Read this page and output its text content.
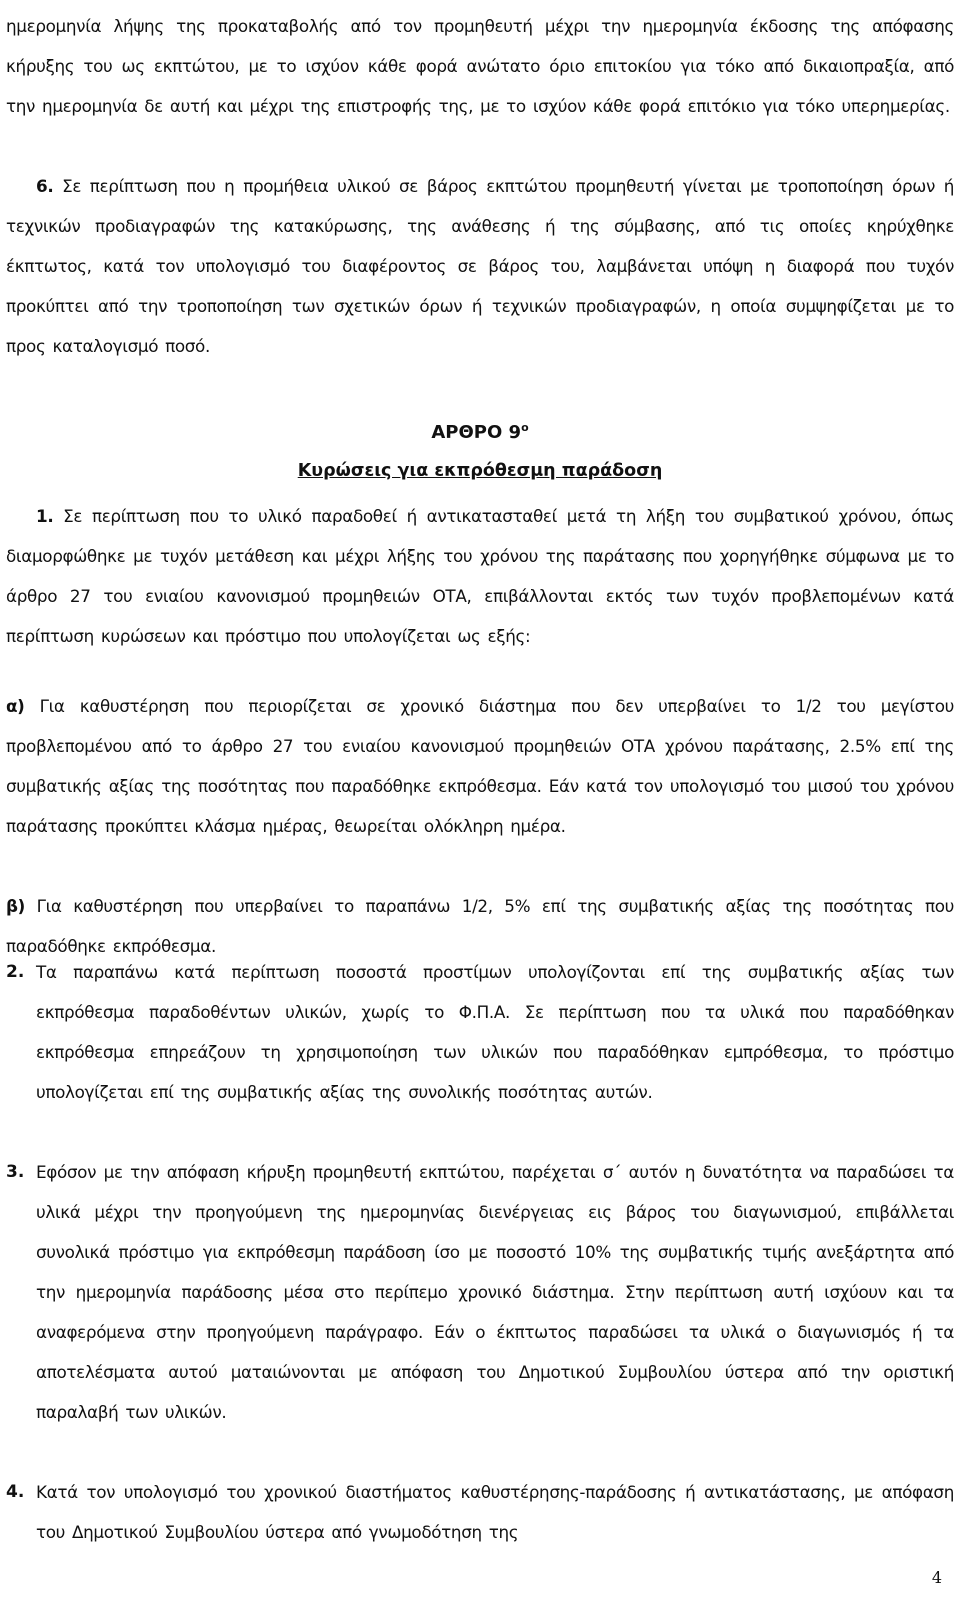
ημερομηνία λήψης της προκαταβολής από τον προμηθευτή μέχρι την ημερομηνία έκδοσης της απόφασης κήρυξης του ως εκπτώτου, με το ισχύον κάθε φορά ανώτατο όριο επιτοκίου για τόκο από δικαιοπραξία, από την ημερομηνία δε αυτή και μέχρι της επιστροφής της, με το ισχύον κάθε φορά επιτόκιο για τόκο υπερημερίας.
6. Σε περίπτωση που η προμήθεια υλικού σε βάρος εκπτώτου προμηθευτή γίνεται με τροποποίηση όρων ή τεχνικών προδιαγραφών της κατακύρωσης, της ανάθεσης ή της σύμβασης, από τις οποίες κηρύχθηκε έκπτωτος, κατά τον υπολογισμό του διαφέροντος σε βάρος του, λαμβάνεται υπόψη η διαφορά που τυχόν προκύπτει από την τροποποίηση των σχετικών όρων ή τεχνικών προδιαγραφών, η οποία συμψηφίζεται με το προς καταλογισμό ποσό.
ΑΡΘΡΟ $9^o$
Κυρώσεις για εκπρόθεσμη παράδοση
1. Σε περίπτωση που το υλικό παραδοθεί ή αντικατασταθεί μετά τη λήξη του συμβατικού χρόνου, όπως διαμορφώθηκε με τυχόν μετάθεση και μέχρι λήξης του χρόνου της παράτασης που χορηγήθηκε σύμφωνα με το άρθρο 27 του ενιαίου κανονισμού προμηθειών ΟΤΑ, επιβάλλονται εκτός των τυχόν προβλεπομένων κατά περίπτωση κυρώσεων και πρόστιμο που υπολογίζεται ως εξής:
α) Για καθυστέρηση που περιορίζεται σε χρονικό διάστημα που δεν υπερβαίνει το 1/2 του μεγίστου προβλεπομένου από το άρθρο 27 του ενιαίου κανονισμού προμηθειών ΟΤΑ χρόνου παράτασης, 2.5% επί της συμβατικής αξίας της ποσότητας που παραδόθηκε εκπρόθεσμα. Εάν κατά τον υπολογισμό του μισού του χρόνου παράτασης προκύπτει κλάσμα ημέρας, θεωρείται ολόκληρη ημέρα.
β) Για καθυστέρηση που υπερβαίνει το παραπάνω 1/2, 5% επί της συμβατικής αξίας της ποσότητας που παραδόθηκε εκπρόθεσμα.
2. Τα παραπάνω κατά περίπτωση ποσοστά προστίμων υπολογίζονται επί της συμβατικής αξίας των εκπρόθεσμα παραδοθέντων υλικών, χωρίς το Φ.Π.Α. Σε περίπτωση που τα υλικά που παραδόθηκαν εκπρόθεσμα επηρεάζουν τη χρησιμοποίηση των υλικών που παραδόθηκαν εμπρόθεσμα, το πρόστιμο υπολογίζεται επί της συμβατικής αξίας της συνολικής ποσότητας αυτών.
3. Εφόσον με την απόφαση κήρυξη προμηθευτή εκπτώτου, παρέχεται σ΄ αυτόν η δυνατότητα να παραδώσει τα υλικά μέχρι την προηγούμενη της ημερομηνίας διενέργειας εις βάρος του διαγωνισμού, επιβάλλεται συνολικά πρόστιμο για εκπρόθεσμη παράδοση ίσο με ποσοστό 10% της συμβατικής τιμής ανεξάρτητα από την ημερομηνία παράδοσης μέσα στο περίπεμο χρονικό διάστημα. Στην περίπτωση αυτή ισχύουν και τα αναφερόμενα στην προηγούμενη παράγραφο. Εάν ο έκπτωτος παραδώσει τα υλικά ο διαγωνισμός ή τα αποτελέσματα αυτού ματαιώνονται με απόφαση του Δημοτικού Συμβουλίου ύστερα από την οριστική παραλαβή των υλικών.
4. Κατά τον υπολογισμό του χρονικού διαστήματος καθυστέρησης-παράδοσης ή αντικατάστασης, με απόφαση του Δημοτικού Συμβουλίου ύστερα από γνωμοδότηση της
4
